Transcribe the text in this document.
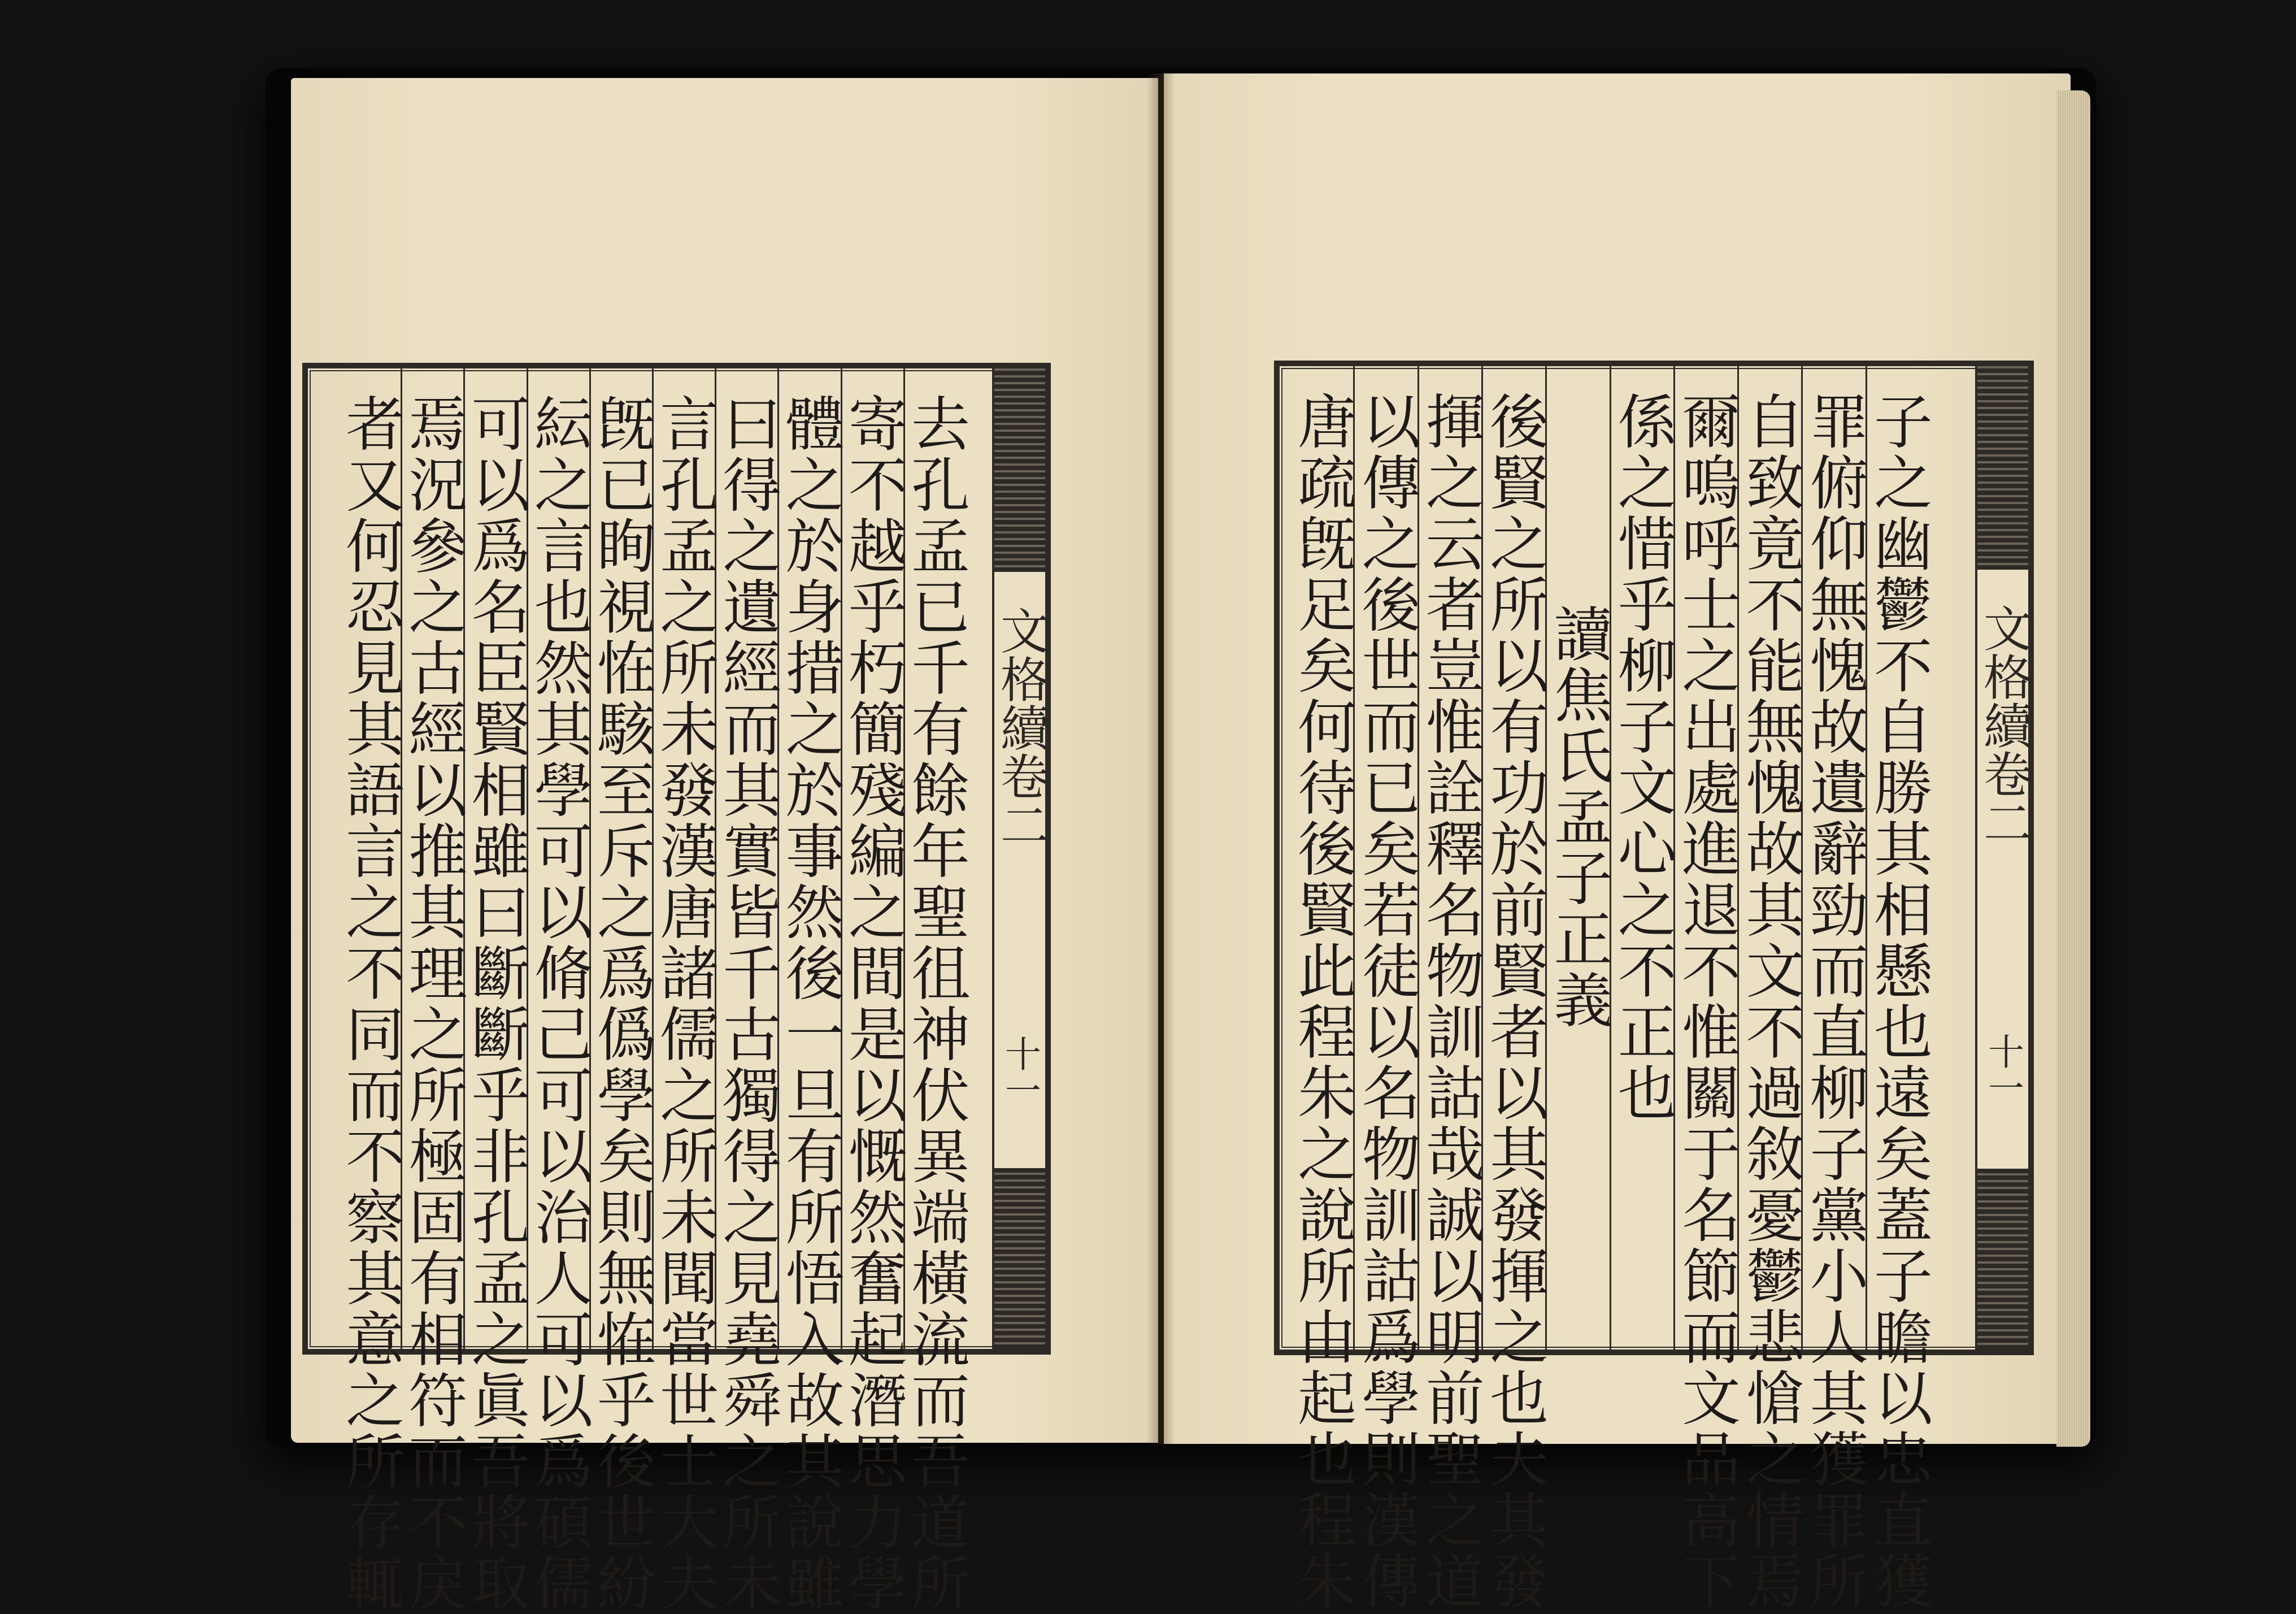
文格續卷二
十一
去孔孟已千有餘年聖徂神伏異端橫流而吾道所
寄不越乎朽簡殘編之間是以慨然奮起潛思力學
體之於身措之於事然後一旦有所悟入故其說雖
曰得之遺經而其實皆千古獨得之見堯舜之所未
言孔孟之所未發漢唐諸儒之所未聞當世士大夫
旣已眴視恠駭至斥之爲僞學矣則無恠乎後世紛
紜之言也然其學可以脩己可以治人可以爲碩儒
可以爲名臣賢相雖曰斷斷乎非孔孟之眞吾將取
焉況參之古經以推其理之所極固有相符而不戾
者又何忍見其語言之不同而不察其意之所存輒	文格續卷二
十一
子之幽鬱不自勝其相懸也遠矣蓋子瞻以忠直獲
罪俯仰無愧故遺辭勁而直柳子黨小人其獲罪所
自致竟不能無愧故其文不過敘憂鬱悲愴之情焉
爾嗚呼士之出處進退不惟關于名節而文品高下
係之惜乎柳子文心之不正也
讀焦氏孟子正義
後賢之所以有功於前賢者以其發揮之也夫其發
揮之云者豈惟詮釋名物訓詁哉誠以明前聖之道
以傳之後世而已矣若徒以名物訓詁爲學則漢傳
唐疏旣足矣何待後賢此程朱之說所由起也程朱
